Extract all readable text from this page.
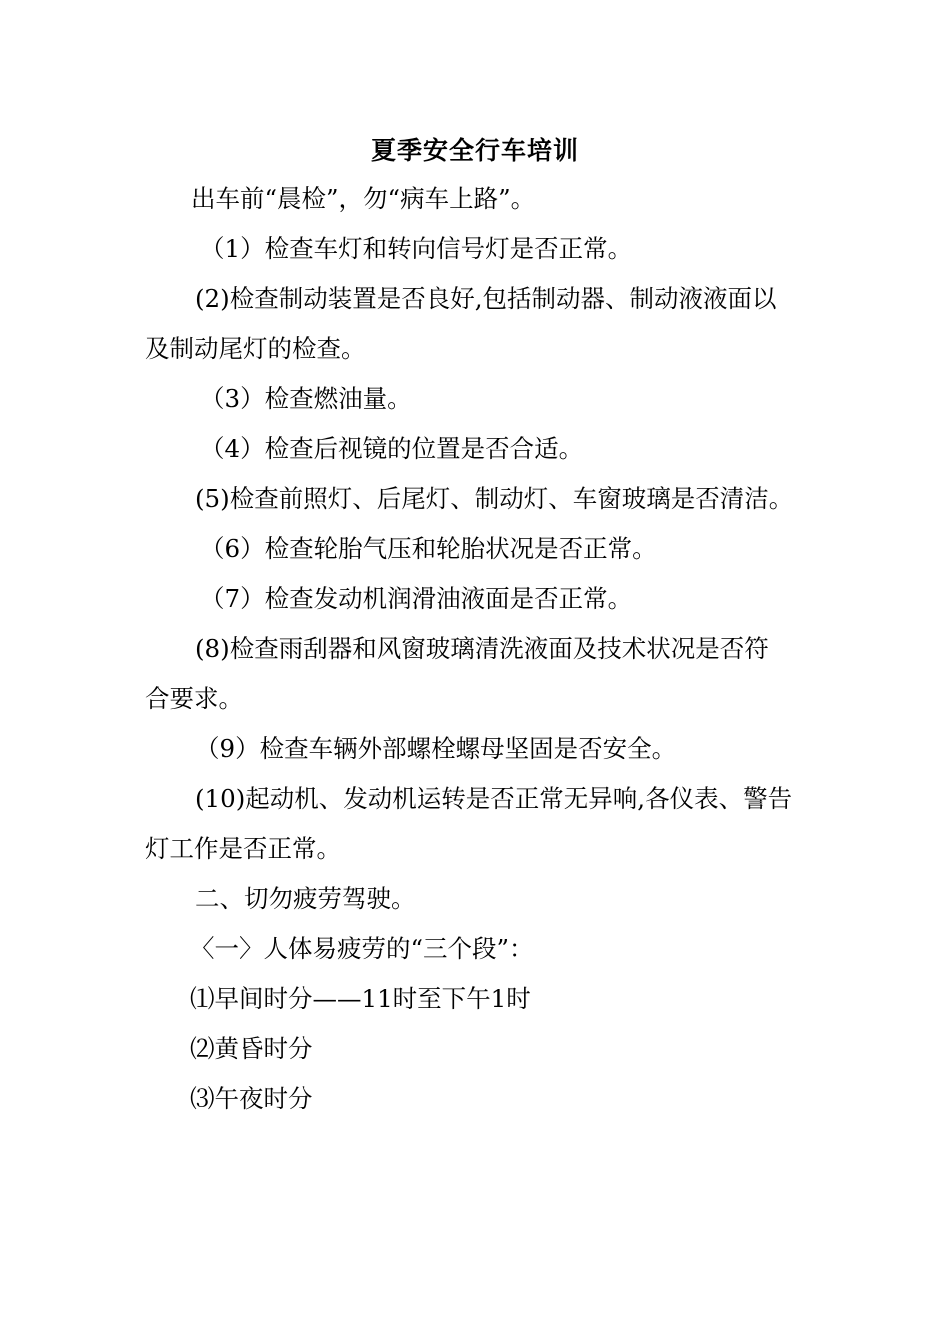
夏季安全行车培训
出车前“晨检”，勿“病车上路”。
（1）检查车灯和转向信号灯是否正常。
(2)检查制动装置是否良好,包括制动器、制动液液面以
及制动尾灯的检查。
（3）检查燃油量。
（4）检查后视镜的位置是否合适。
(5)检查前照灯、后尾灯、制动灯、车窗玻璃是否清洁。
（6）检查轮胎气压和轮胎状况是否正常。
（7）检查发动机润滑油液面是否正常。
(8)检查雨刮器和风窗玻璃清洗液面及技术状况是否符
合要求。
（9）检查车辆外部螺栓螺母坚固是否安全。
(10)起动机、发动机运转是否正常无异响,各仪表、警告
灯工作是否正常。
二、切勿疲劳驾驶。
〈一〉人体易疲劳的“三个段”：
⑴早间时分——11时至下午1时
⑵黄昏时分
⑶午夜时分
